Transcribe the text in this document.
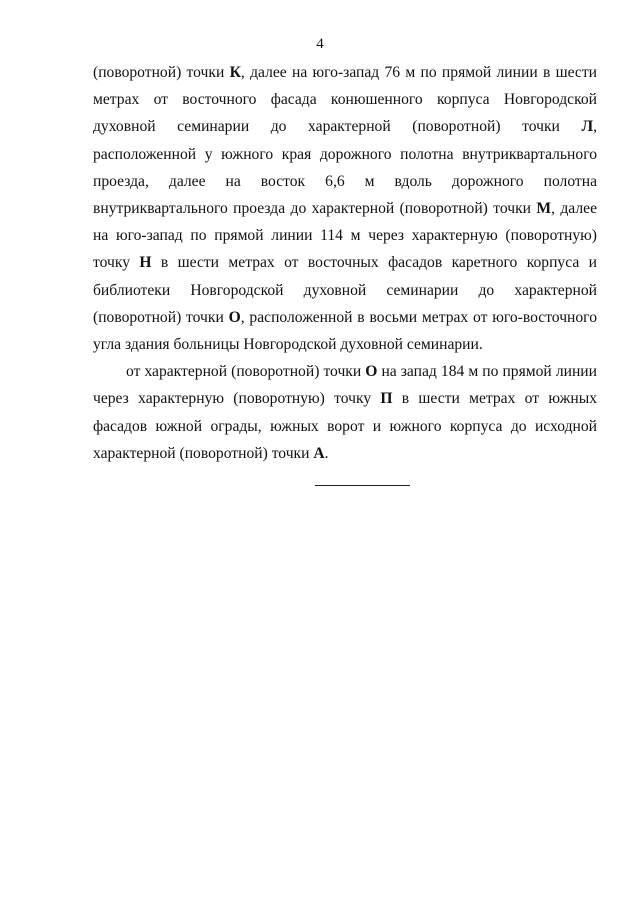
4

(поворотной) точки К, далее на юго-запад 76 м по прямой линии в шести метрах от восточного фасада конюшенного корпуса Новгородской духовной семинарии до характерной (поворотной) точки Л, расположенной у южного края дорожного полотна внутриквартального проезда, далее на восток 6,6 м вдоль дорожного полотна внутриквартального проезда до характерной (поворотной) точки М, далее на юго-запад по прямой линии 114 м через характерную (поворотную) точку Н в шести метрах от восточных фасадов каретного корпуса и библиотеки Новгородской духовной семинарии до характерной (поворотной) точки О, расположенной в восьми метрах от юго-восточного угла здания больницы Новгородской духовной семинарии.

от характерной (поворотной) точки О на запад 184 м по прямой линии через характерную (поворотную) точку П в шести метрах от южных фасадов южной ограды, южных ворот и южного корпуса до исходной характерной (поворотной) точки А.
